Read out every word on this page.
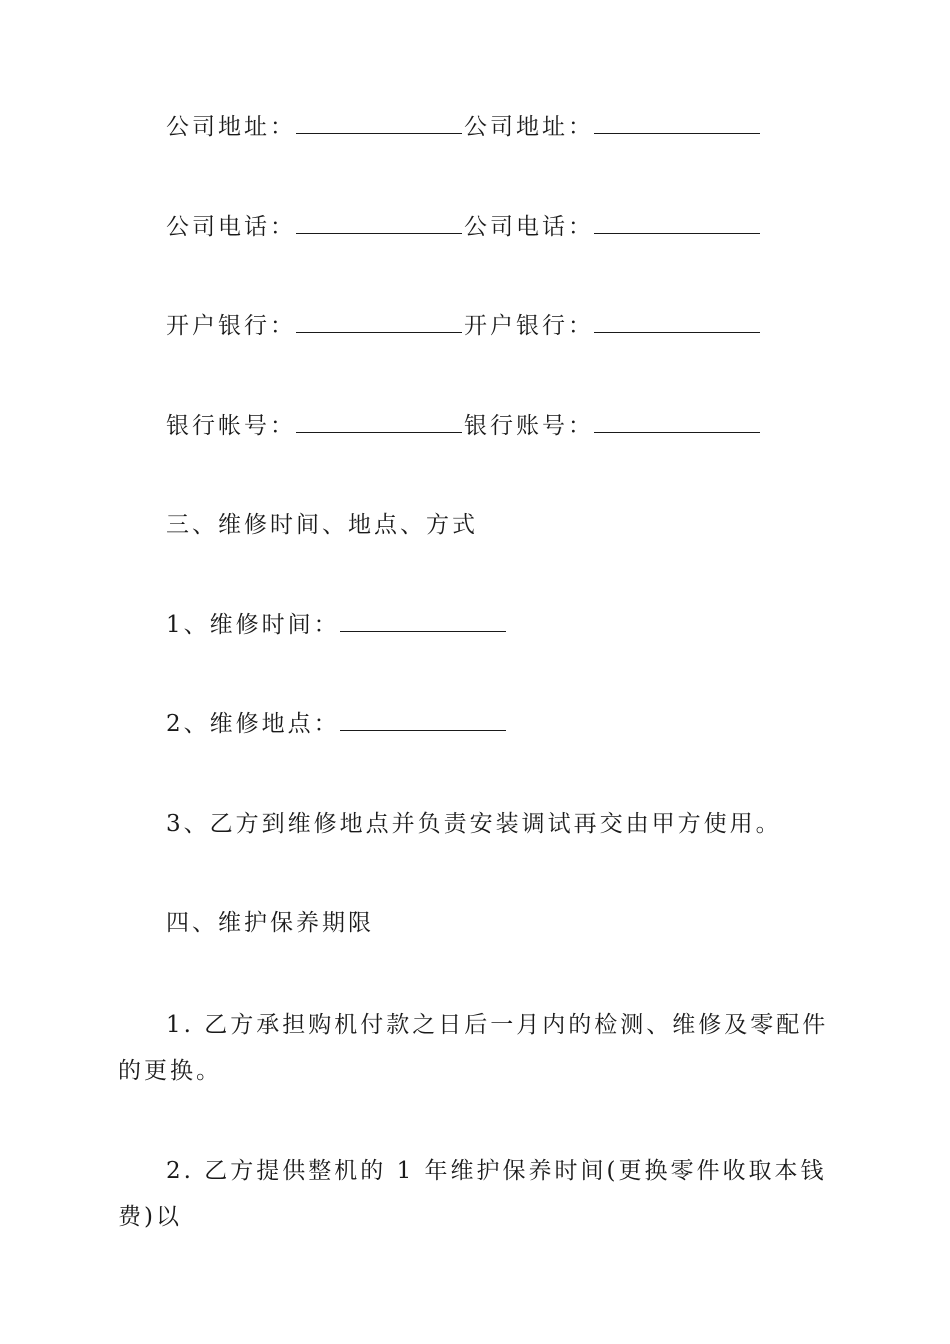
公司地址：	公司地址：
公司电话：	公司电话：
开户银行：	开户银行：
银行帐号：	银行账号：
三、维修时间、地点、方式
1、维修时间：
2、维修地点：
3、乙方到维修地点并负责安装调试再交由甲方使用。
四、维护保养期限
1. 乙方承担购机付款之日后一月内的检测、维修及零配件的更换。
2. 乙方提供整机的 1 年维护保养时间(更换零件收取本钱费)以
